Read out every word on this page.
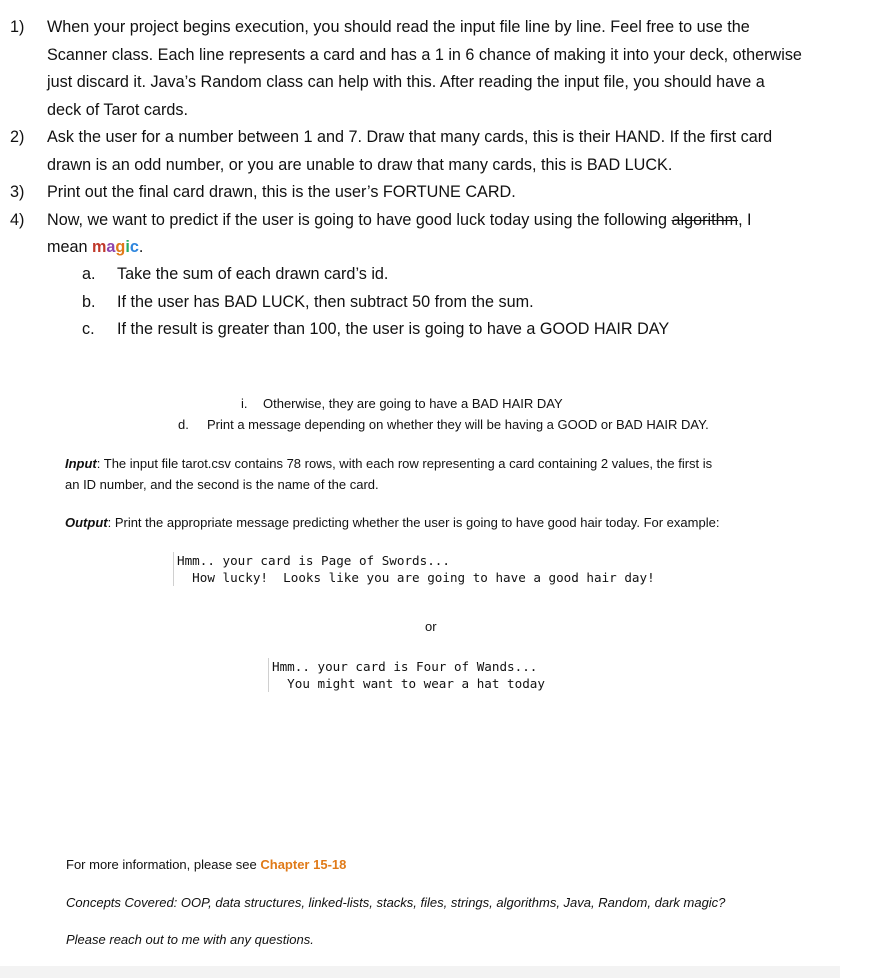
1) When your project begins execution, you should read the input file line by line. Feel free to use the
Scanner class. Each line represents a card and has a 1 in 6 chance of making it into your deck, otherwise
just discard it. Java’s Random class can help with this. After reading the input file, you should have a
deck of Tarot cards.
2) Ask the user for a number between 1 and 7. Draw that many cards, this is their HAND. If the first card
drawn is an odd number, or you are unable to draw that many cards, this is BAD LUCK.
3) Print out the final card drawn, this is the user’s FORTUNE CARD.
4) Now, we want to predict if the user is going to have good luck today using the following algorithm, I
mean magic.
a. Take the sum of each drawn card’s id.
b. If the user has BAD LUCK, then subtract 50 from the sum.
c. If the result is greater than 100, the user is going to have a GOOD HAIR DAY
i. Otherwise, they are going to have a BAD HAIR DAY
d. Print a message depending on whether they will be having a GOOD or BAD HAIR DAY.
Input: The input file tarot.csv contains 78 rows, with each row representing a card containing 2 values, the first is
an ID number, and the second is the name of the card.
Output: Print the appropriate message predicting whether the user is going to have good hair today. For example:
Hmm.. your card is Page of Swords...
How lucky!  Looks like you are going to have a good hair day!
or
Hmm.. your card is Four of Wands...
You might want to wear a hat today
For more information, please see Chapter 15-18
Concepts Covered: OOP, data structures, linked-lists, stacks, files, strings, algorithms, Java, Random, dark magic?
Please reach out to me with any questions.
